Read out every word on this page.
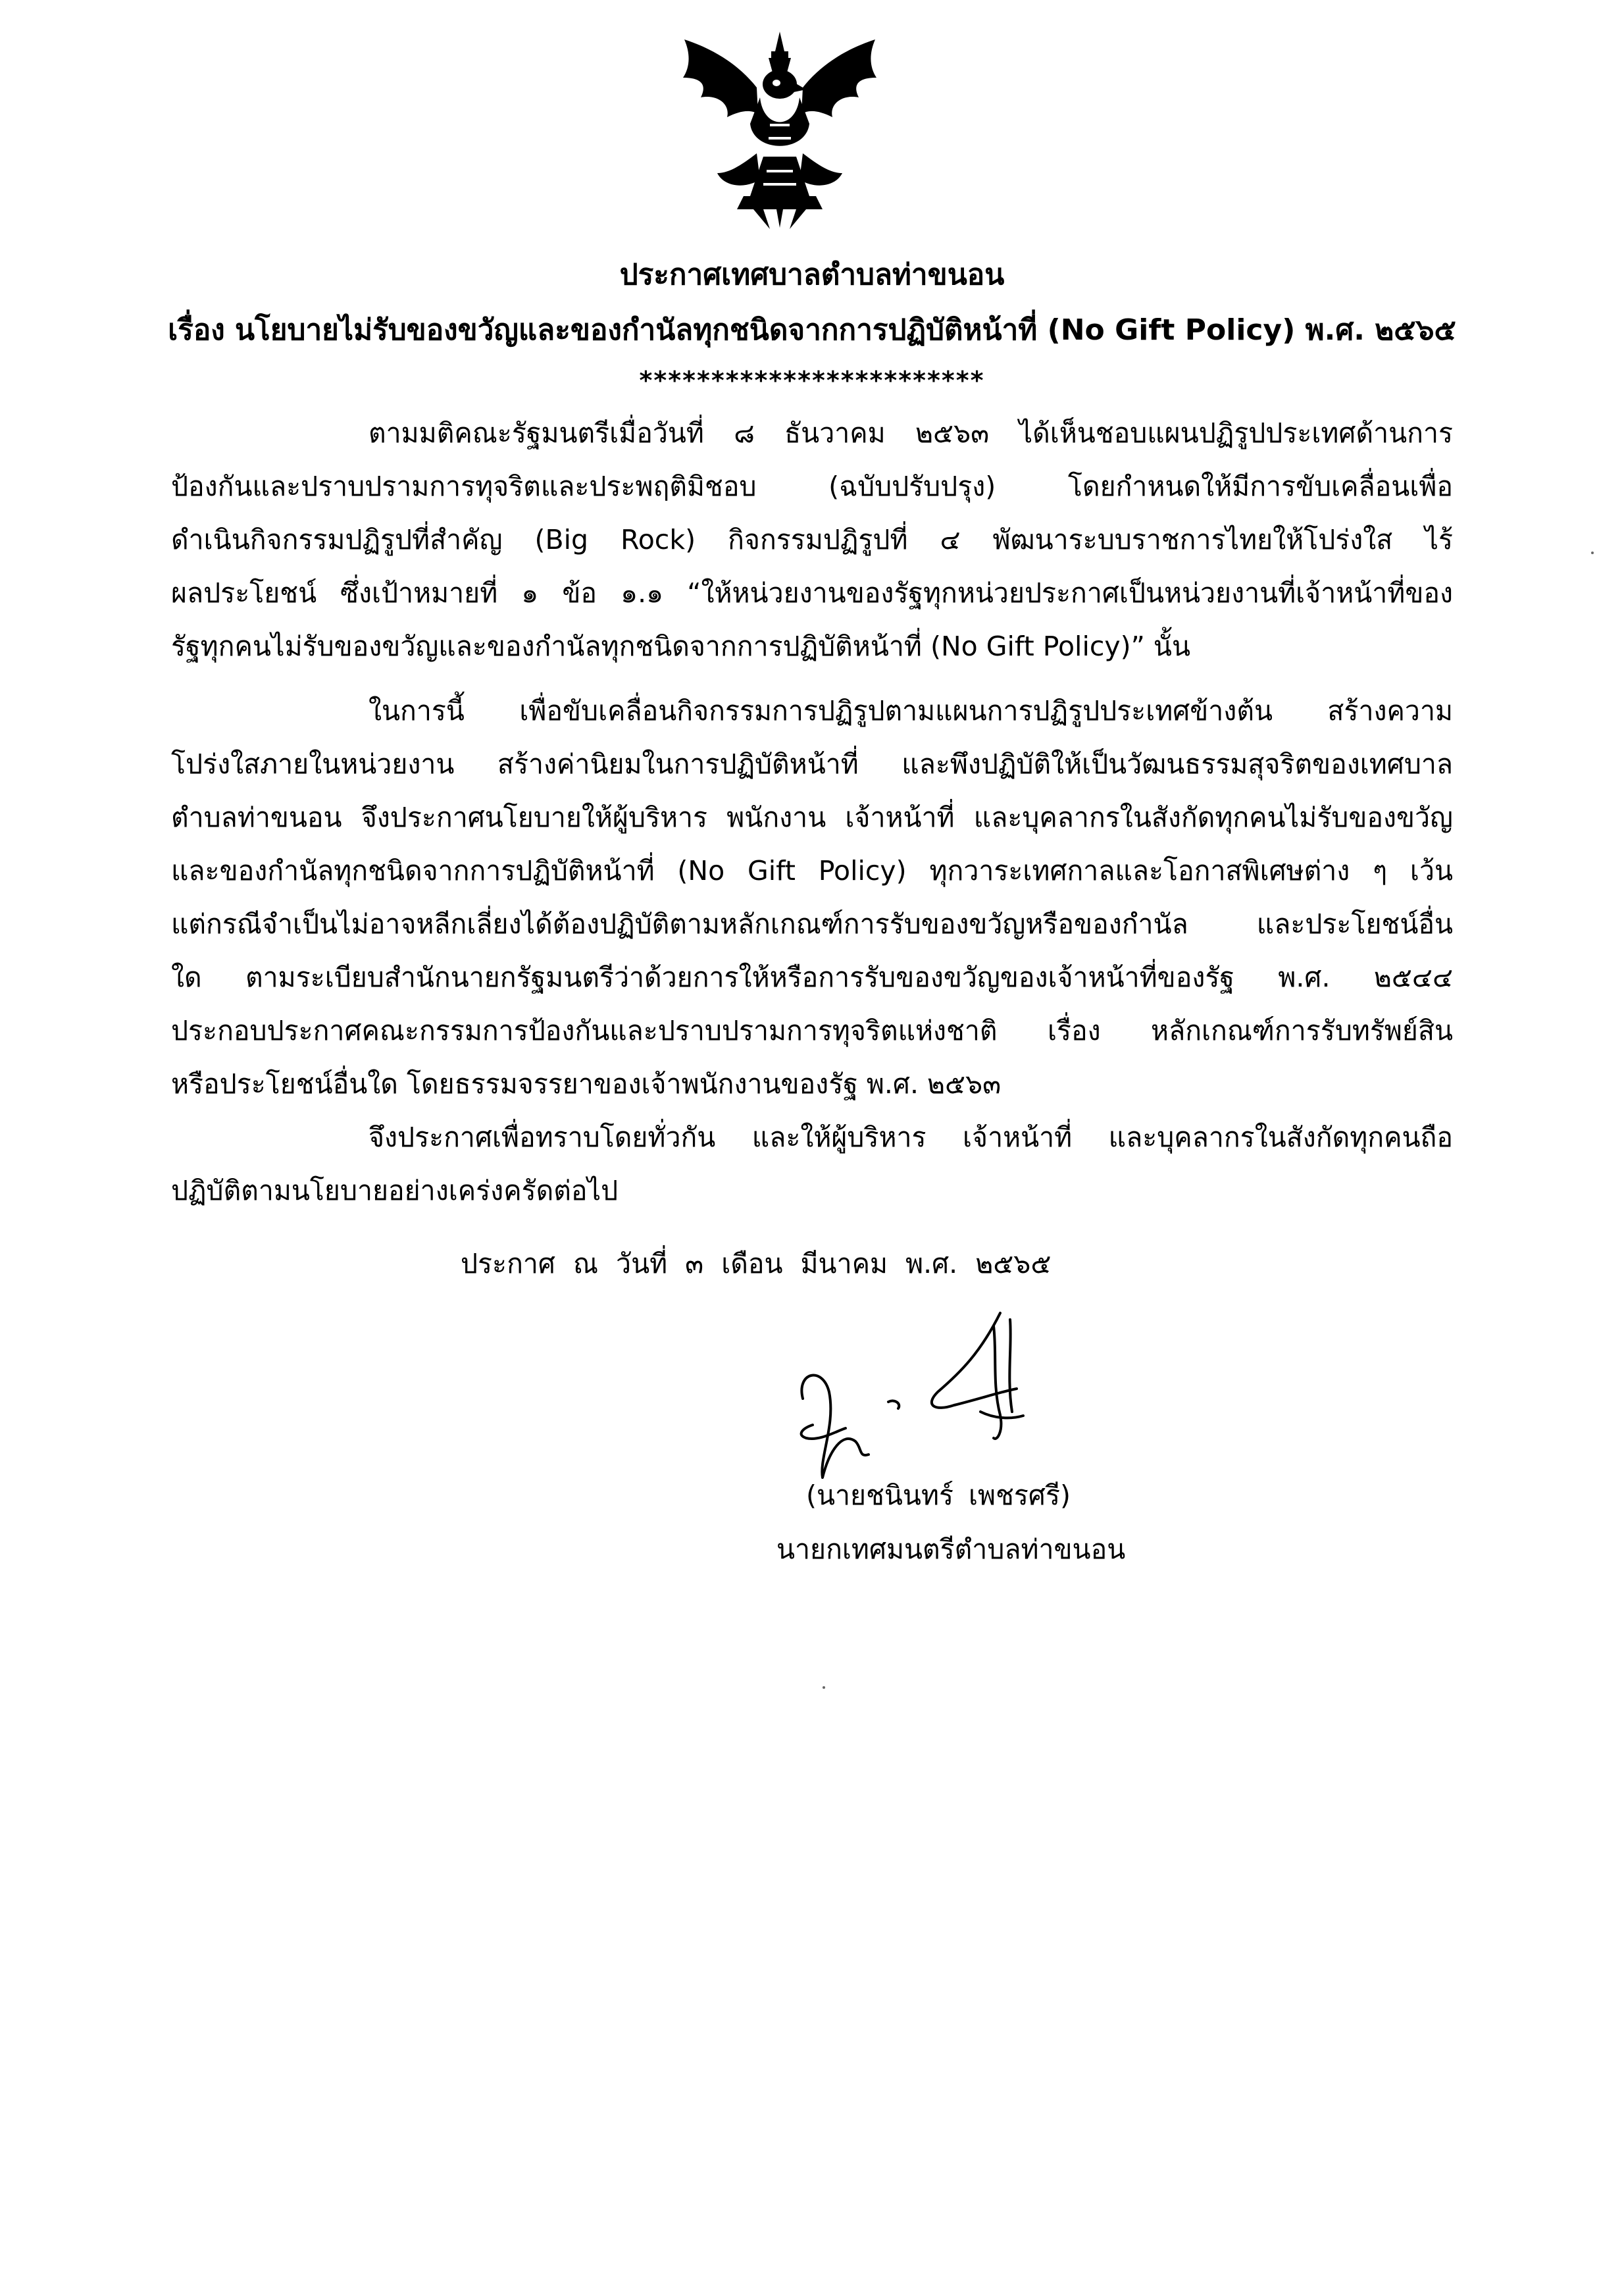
ประกาศเทศบาลตำบลท่าขนอน
เรื่อง นโยบายไม่รับของขวัญและของกำนัลทุกชนิดจากการปฏิบัติหน้าที่ (No Gift Policy) พ.ศ. ๒๕๖๕
************************
ตามมติคณะรัฐมนตรีเมื่อวันที่ ๘ ธันวาคม ๒๕๖๓ ได้เห็นชอบแผนปฏิรูปประเทศด้านการ
ป้องกันและปราบปรามการทุจริตและประพฤติมิชอบ (ฉบับปรับปรุง) โดยกำหนดให้มีการขับเคลื่อนเพื่อ
ดำเนินกิจกรรมปฏิรูปที่สำคัญ (Big Rock) กิจกรรมปฏิรูปที่ ๔ พัฒนาระบบราชการไทยให้โปร่งใส ไร้
ผลประโยชน์ ซึ่งเป้าหมายที่ ๑ ข้อ ๑.๑ “ให้หน่วยงานของรัฐทุกหน่วยประกาศเป็นหน่วยงานที่เจ้าหน้าที่ของ
รัฐทุกคนไม่รับของขวัญและของกำนัลทุกชนิดจากการปฏิบัติหน้าที่ (No Gift Policy)” นั้น
ในการนี้ เพื่อขับเคลื่อนกิจกรรมการปฏิรูปตามแผนการปฏิรูปประเทศข้างต้น สร้างความ
โปร่งใสภายในหน่วยงาน สร้างค่านิยมในการปฏิบัติหน้าที่ และพึงปฏิบัติให้เป็นวัฒนธรรมสุจริตของเทศบาล
ตำบลท่าขนอน จึงประกาศนโยบายให้ผู้บริหาร พนักงาน เจ้าหน้าที่ และบุคลากรในสังกัดทุกคนไม่รับของขวัญ
และของกำนัลทุกชนิดจากการปฏิบัติหน้าที่ (No Gift Policy) ทุกวาระเทศกาลและโอกาสพิเศษต่าง ๆ เว้น
แต่กรณีจำเป็นไม่อาจหลีกเลี่ยงได้ต้องปฏิบัติตามหลักเกณฑ์การรับของขวัญหรือของกำนัล และประโยชน์อื่น
ใด ตามระเบียบสำนักนายกรัฐมนตรีว่าด้วยการให้หรือการรับของขวัญของเจ้าหน้าที่ของรัฐ พ.ศ. ๒๕๔๔
ประกอบประกาศคณะกรรมการป้องกันและปราบปรามการทุจริตแห่งชาติ เรื่อง หลักเกณฑ์การรับทรัพย์สิน
หรือประโยชน์อื่นใด โดยธรรมจรรยาของเจ้าพนักงานของรัฐ พ.ศ. ๒๕๖๓
จึงประกาศเพื่อทราบโดยทั่วกัน และให้ผู้บริหาร เจ้าหน้าที่ และบุคลากรในสังกัดทุกคนถือ
ปฏิบัติตามนโยบายอย่างเคร่งครัดต่อไป
ประกาศ ณ วันที่ ๓ เดือน มีนาคม พ.ศ. ๒๕๖๕
(นายชนินทร์ เพชรศรี)
นายกเทศมนตรีตำบลท่าขนอน
